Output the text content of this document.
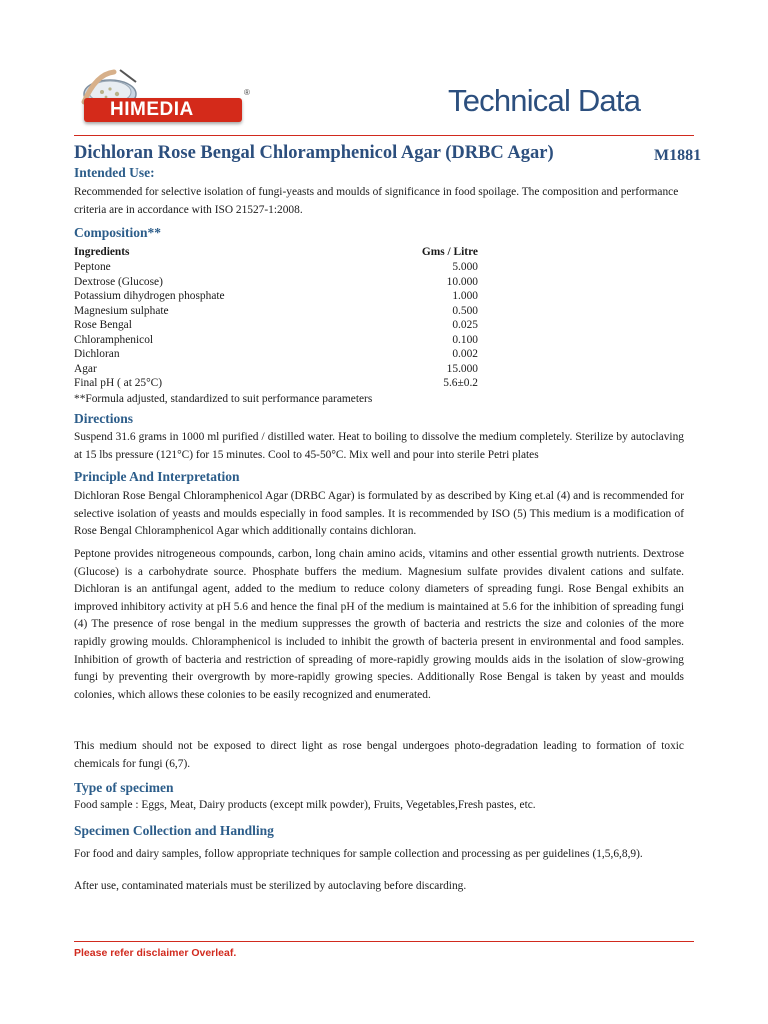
HIMEDIA
®	Technical Data
Dichloran Rose Bengal Chloramphenicol Agar (DRBC Agar)	M1881
Intended Use:
Recommended for selective isolation of fungi-yeasts and moulds of significance in food spoilage. The composition and performance criteria are in accordance with ISO 21527-1:2008.
Composition**
Ingredients	Gms / Litre
Peptone	5.000
Dextrose (Glucose)	10.000
Potassium dihydrogen phosphate	1.000
Magnesium sulphate	0.500
Rose Bengal	0.025
Chloramphenicol	0.100
Dichloran	0.002
Agar	15.000
Final pH ( at 25°C)	5.6±0.2
**Formula adjusted, standardized to suit performance parameters
Directions
Suspend 31.6 grams in 1000 ml purified / distilled water. Heat to boiling to dissolve the medium completely. Sterilize by autoclaving at 15 lbs pressure (121°C) for 15 minutes. Cool to 45-50°C. Mix well and pour into sterile Petri plates
Principle And Interpretation
Dichloran Rose Bengal Chloramphenicol Agar (DRBC Agar) is formulated by as described by King et.al (4) and is recommended for selective isolation of yeasts and moulds especially in food samples. It is recommended by ISO (5) This medium is a modification of Rose Bengal Chloramphenicol Agar which additionally contains dichloran.
Peptone provides nitrogeneous compounds, carbon, long chain amino acids, vitamins and other essential growth nutrients. Dextrose (Glucose) is a carbohydrate source. Phosphate buffers the medium. Magnesium sulfate provides divalent cations and sulfate. Dichloran is an antifungal agent, added to the medium to reduce colony diameters of spreading fungi. Rose Bengal exhibits an improved inhibitory activity at pH 5.6 and hence the final pH of the medium is maintained at 5.6 for the inhibition of spreading fungi (4) The presence of rose bengal in the medium suppresses the growth of bacteria and restricts the size and colonies of the more rapidly growing moulds. Chloramphenicol is included to inhibit the growth of bacteria present in environmental and food samples. Inhibition of growth of bacteria and restriction of spreading of more-rapidly growing moulds aids in the isolation of slow-growing fungi by preventing their overgrowth by more-rapidly growing species. Additionally Rose Bengal is taken by yeast and moulds colonies, which allows these colonies to be easily recognized and enumerated.
This medium should not be exposed to direct light as rose bengal undergoes photo-degradation leading to formation of toxic chemicals for fungi (6,7).
Type of specimen
Food sample : Eggs, Meat, Dairy products (except milk powder), Fruits, Vegetables,Fresh pastes, etc.
Specimen Collection and Handling
For food and dairy samples, follow appropriate techniques for sample collection and processing as per guidelines (1,5,6,8,9).
After use, contaminated materials must be sterilized by autoclaving before discarding.
Please refer disclaimer Overleaf.
